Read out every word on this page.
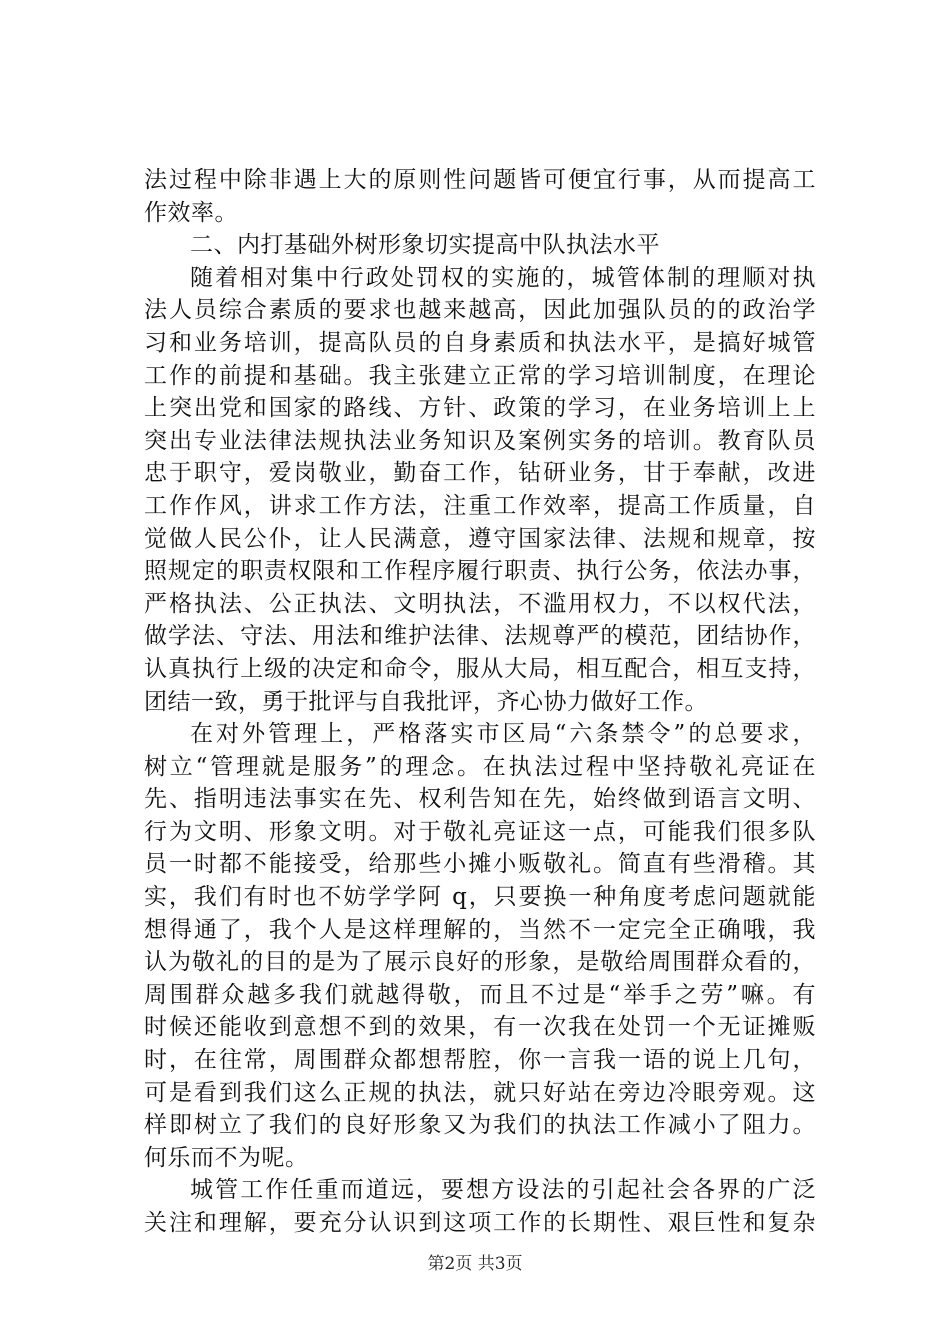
法过程中除非遇上大的原则性问题皆可便宜行事，从而提高工
作效率。
二、内打基础外树形象切实提高中队执法水平
随着相对集中行政处罚权的实施的，城管体制的理顺对执
法人员综合素质的要求也越来越高，因此加强队员的的政治学
习和业务培训，提高队员的自身素质和执法水平，是搞好城管
工作的前提和基础。我主张建立正常的学习培训制度，在理论
上突出党和国家的路线、方针、政策的学习，在业务培训上上
突出专业法律法规执法业务知识及案例实务的培训。教育队员
忠于职守，爱岗敬业，勤奋工作，钻研业务，甘于奉献，改进
工作作风，讲求工作方法，注重工作效率，提高工作质量，自
觉做人民公仆，让人民满意，遵守国家法律、法规和规章，按
照规定的职责权限和工作程序履行职责、执行公务，依法办事，
严格执法、公正执法、文明执法，不滥用权力，不以权代法，
做学法、守法、用法和维护法律、法规尊严的模范，团结协作，
认真执行上级的决定和命令，服从大局，相互配合，相互支持，
团结一致，勇于批评与自我批评，齐心协力做好工作。
在对外管理上，严格落实市区局“六条禁令”的总要求，
树立“管理就是服务”的理念。在执法过程中坚持敬礼亮证在
先、指明违法事实在先、权利告知在先，始终做到语言文明、
行为文明、形象文明。对于敬礼亮证这一点，可能我们很多队
员一时都不能接受，给那些小摊小贩敬礼。简直有些滑稽。其
实，我们有时也不妨学学阿 q，只要换一种角度考虑问题就能
想得通了，我个人是这样理解的，当然不一定完全正确哦，我
认为敬礼的目的是为了展示良好的形象，是敬给周围群众看的，
周围群众越多我们就越得敬，而且不过是“举手之劳”嘛。有
时候还能收到意想不到的效果，有一次我在处罚一个无证摊贩
时，在往常，周围群众都想帮腔，你一言我一语的说上几句，
可是看到我们这么正规的执法，就只好站在旁边冷眼旁观。这
样即树立了我们的良好形象又为我们的执法工作减小了阻力。
何乐而不为呢。
城管工作任重而道远，要想方设法的引起社会各界的广泛
关注和理解，要充分认识到这项工作的长期性、艰巨性和复杂
第2页 共3页
